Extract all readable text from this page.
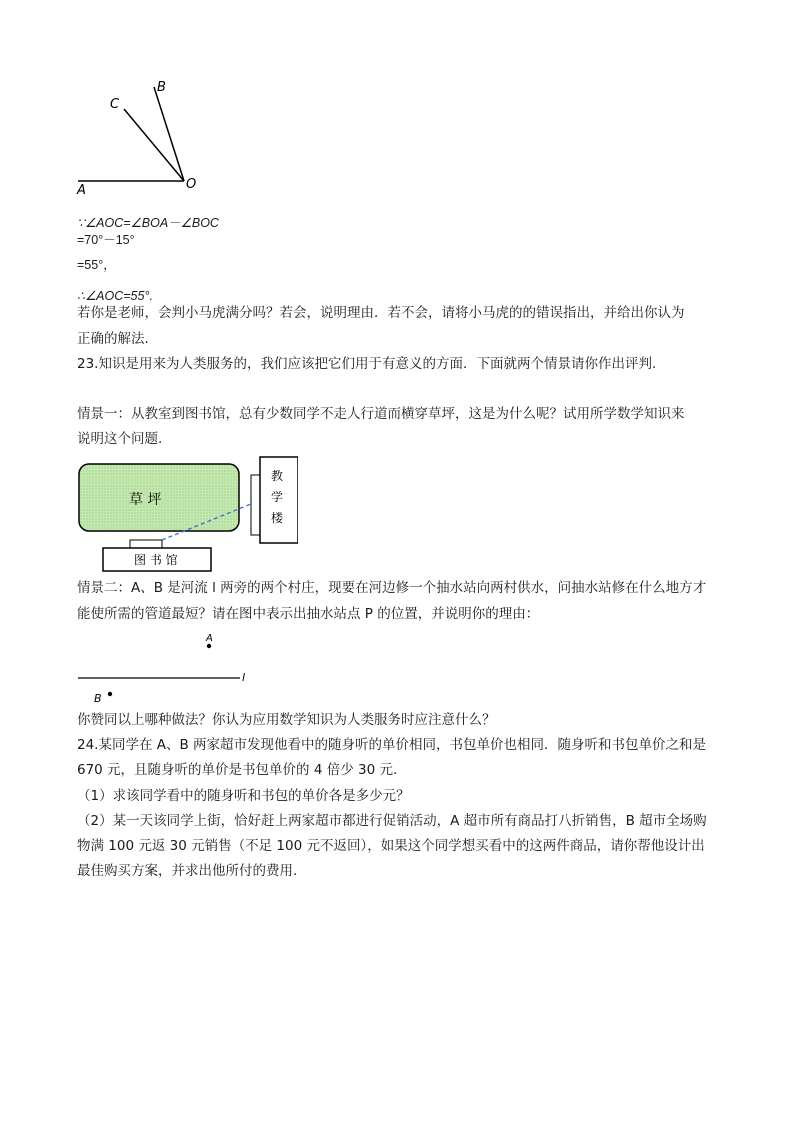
C
B
A	O
∵∠AOC=∠BOA－∠BOC
=70°－15°
=55°，
∴∠AOC=55°.
若你是老师，会判小马虎满分吗？若会，说明理由．若不会，请将小马虎的的错误指出，并给出你认为
正确的解法.
23.知识是用来为人类服务的，我们应该把它们用于有意义的方面．下面就两个情景请你作出评判.
情景一：从教室到图书馆，总有少数同学不走人行道而横穿草坪，这是为什么呢？试用所学数学知识来
说明这个问题.
草 坪
教
学
楼
图 书 馆
情景二：A、B 是河流 l 两旁的两个村庄，现要在河边修一个抽水站向两村供水，问抽水站修在什么地方才
能使所需的管道最短？请在图中表示出抽水站点 P 的位置，并说明你的理由：
A
l
B
你赞同以上哪种做法？你认为应用数学知识为人类服务时应注意什么？
24.某同学在 A、B 两家超市发现他看中的随身听的单价相同，书包单价也相同．随身听和书包单价之和是
670 元，且随身听的单价是书包单价的 4 倍少 30 元.
（1）求该同学看中的随身听和书包的单价各是多少元？
（2）某一天该同学上街，恰好赶上两家超市都进行促销活动，A 超市所有商品打八折销售，B 超市全场购
物满 100 元返 30 元销售（不足 100 元不返回），如果这个同学想买看中的这两件商品，请你帮他设计出
最佳购买方案，并求出他所付的费用.
